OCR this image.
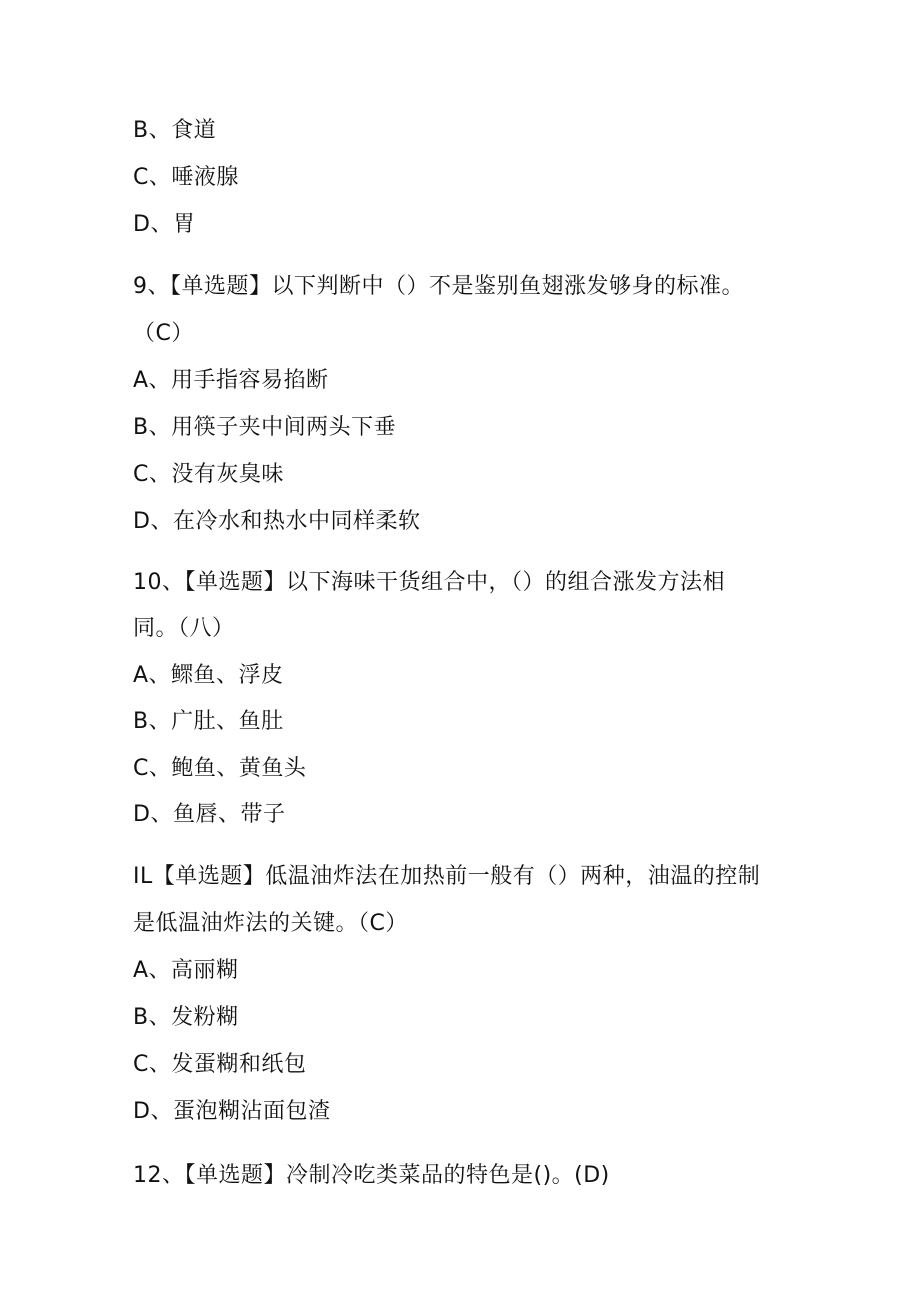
B、食道
C、唾液腺
D、胃
9、【单选题】以下判断中（）不是鉴别鱼翅涨发够身的标准。
（C）
A、用手指容易掐断
B、用筷子夹中间两头下垂
C、没有灰臭味
D、在冷水和热水中同样柔软
10、【单选题】以下海味干货组合中，（）的组合涨发方法相
同。（八）
A、鳏鱼、浮皮
B、广肚、鱼肚
C、鲍鱼、黄鱼头
D、鱼唇、带子
IL【单选题】低温油炸法在加热前一般有（）两种，油温的控制
是低温油炸法的关键。（C）
A、高丽糊
B、发粉糊
C、发蛋糊和纸包
D、蛋泡糊沾面包渣
12、【单选题】冷制冷吃类菜品的特色是()。(D)
